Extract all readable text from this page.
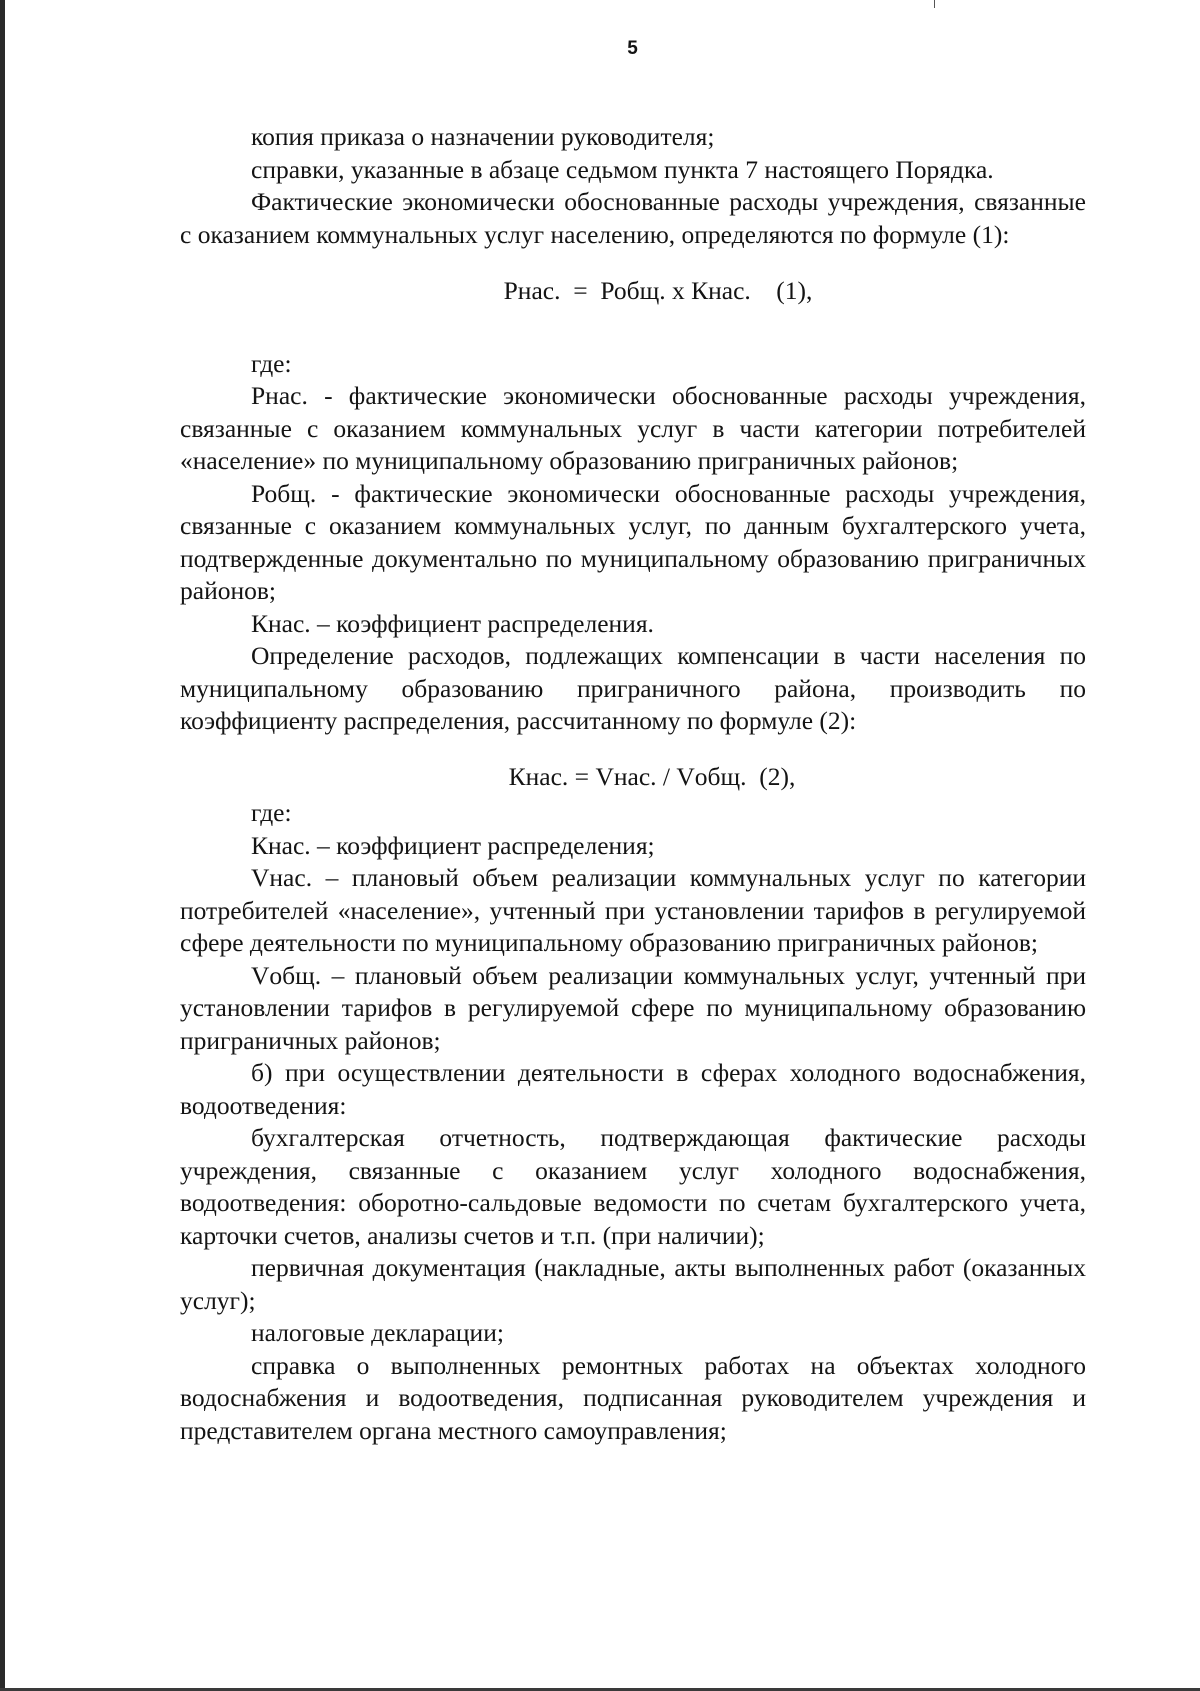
5

копия приказа о назначении руководителя;

справки, указанные в абзаце седьмом пункта 7 настоящего Порядка.

Фактические экономически обоснованные расходы учреждения, связанные с оказанием коммунальных услуг населению, определяются по формуле (1):

Рнас.  =  Робщ. х Кнас.    (1),

где:

Рнас. - фактические экономически обоснованные расходы учреждения, связанные с оказанием коммунальных услуг в части категории потребителей «население» по муниципальному образованию приграничных районов;

Робщ. - фактические экономически обоснованные расходы учреждения, связанные с оказанием коммунальных услуг, по данным бухгалтерского учета, подтвержденные документально по муниципальному образованию приграничных районов;

Кнас. – коэффициент распределения.

Определение расходов, подлежащих компенсации в части населения по муниципальному образованию приграничного района, производить по коэффициенту распределения, рассчитанному по формуле (2):

Кнас. = Vнас. / Vобщ.  (2),

где:

Кнас. – коэффициент распределения;

Vнас. – плановый объем реализации коммунальных услуг по категории потребителей «население», учтенный при установлении тарифов в регулируемой сфере деятельности по муниципальному образованию приграничных районов;

Vобщ. – плановый объем реализации коммунальных услуг, учтенный при установлении тарифов в регулируемой сфере по муниципальному образованию приграничных районов;

б) при осуществлении деятельности в сферах холодного водоснабжения, водоотведения:

бухгалтерская отчетность, подтверждающая фактические расходы учреждения, связанные с оказанием услуг холодного водоснабжения, водоотведения: оборотно-сальдовые ведомости по счетам бухгалтерского учета, карточки счетов, анализы счетов и т.п. (при наличии);

первичная документация (накладные, акты выполненных работ (оказанных услуг);

налоговые декларации;

справка о выполненных ремонтных работах на объектах холодного водоснабжения и водоотведения, подписанная руководителем учреждения и представителем органа местного самоуправления;
